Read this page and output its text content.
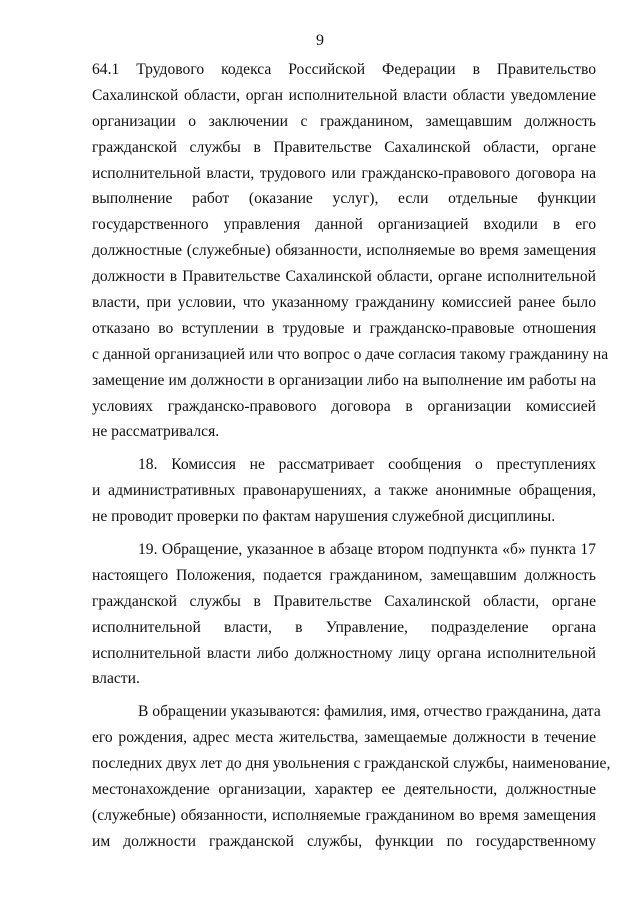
9
64.1 Трудового кодекса Российской Федерации в Правительство
Сахалинской области, орган исполнительной власти области уведомление
организации о заключении с гражданином, замещавшим должность
гражданской службы в Правительстве Сахалинской области, органе
исполнительной власти, трудового или гражданско-правового договора на
выполнение работ (оказание услуг), если отдельные функции
государственного управления данной организацией входили в его
должностные (служебные) обязанности, исполняемые во время замещения
должности в Правительстве Сахалинской области, органе исполнительной
власти, при условии, что указанному гражданину комиссией ранее было
отказано во вступлении в трудовые и гражданско-правовые отношения
с данной организацией или что вопрос о даче согласия такому гражданину на
замещение им должности в организации либо на выполнение им работы на
условиях гражданско-правового договора в организации комиссией
не рассматривался.
18. Комиссия не рассматривает сообщения о преступлениях
и административных правонарушениях, а также анонимные обращения,
не проводит проверки по фактам нарушения служебной дисциплины.
19. Обращение, указанное в абзаце втором подпункта «б» пункта 17
настоящего Положения, подается гражданином, замещавшим должность
гражданской службы в Правительстве Сахалинской области, органе
исполнительной власти, в Управление, подразделение органа
исполнительной власти либо должностному лицу органа исполнительной
власти.
В обращении указываются: фамилия, имя, отчество гражданина, дата
его рождения, адрес места жительства, замещаемые должности в течение
последних двух лет до дня увольнения с гражданской службы, наименование,
местонахождение организации, характер ее деятельности, должностные
(служебные) обязанности, исполняемые гражданином во время замещения
им должности гражданской службы, функции по государственному
